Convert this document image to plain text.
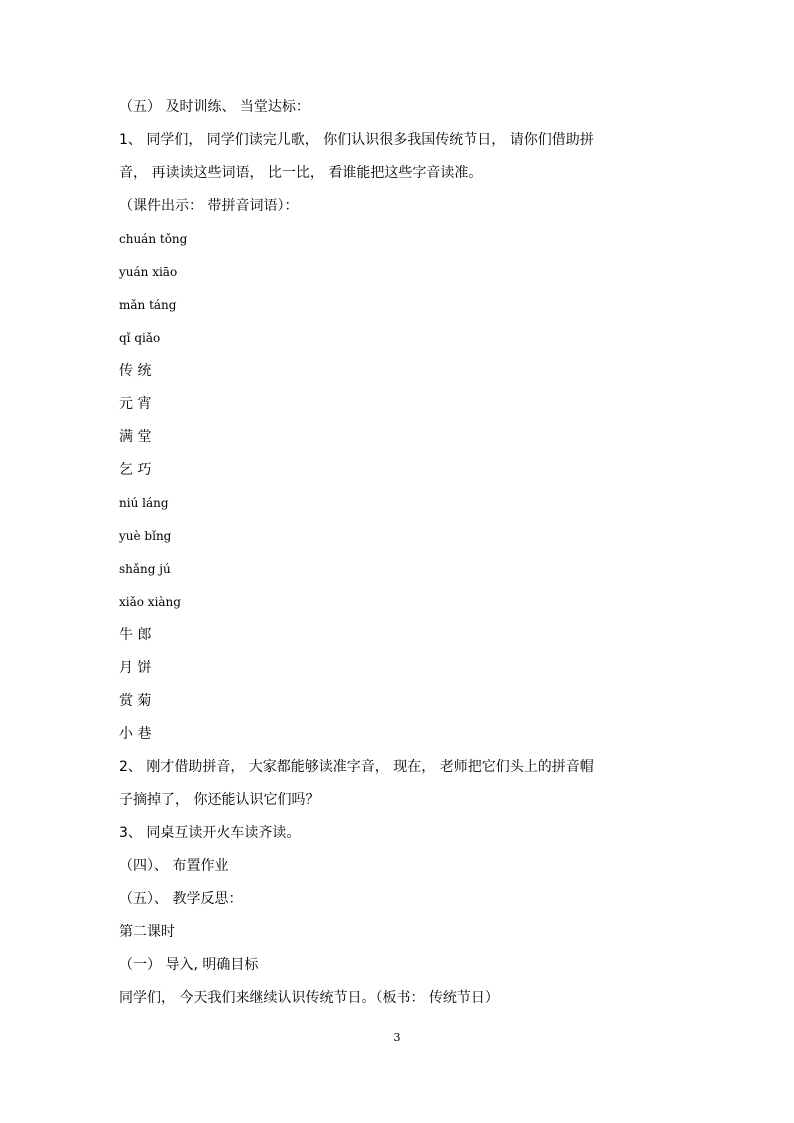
（五） 及时训练、 当堂达标：
1、 同学们， 同学们读完儿歌， 你们认识很多我国传统节日， 请你们借助拼
音， 再读读这些词语， 比一比， 看谁能把这些字音读准。
（课件出示： 带拼音词语）：
chuán tǒng
yuán xiāo
mǎn táng
qǐ qiǎo
传 统
元 宵
满 堂
乞 巧
niú láng
yuè bǐng
shǎng jú
xiǎo xiàng
牛 郎
月 饼
赏 菊
小 巷
2、 刚才借助拼音， 大家都能够读准字音， 现在， 老师把它们头上的拼音帽
子摘掉了， 你还能认识它们吗？
3、 同桌互读开火车读齐读。
（四）、 布置作业
（五）、 教学反思：
第二课时
（一） 导入, 明确目标
同学们， 今天我们来继续认识传统节日。（板书： 传统节日）
3
